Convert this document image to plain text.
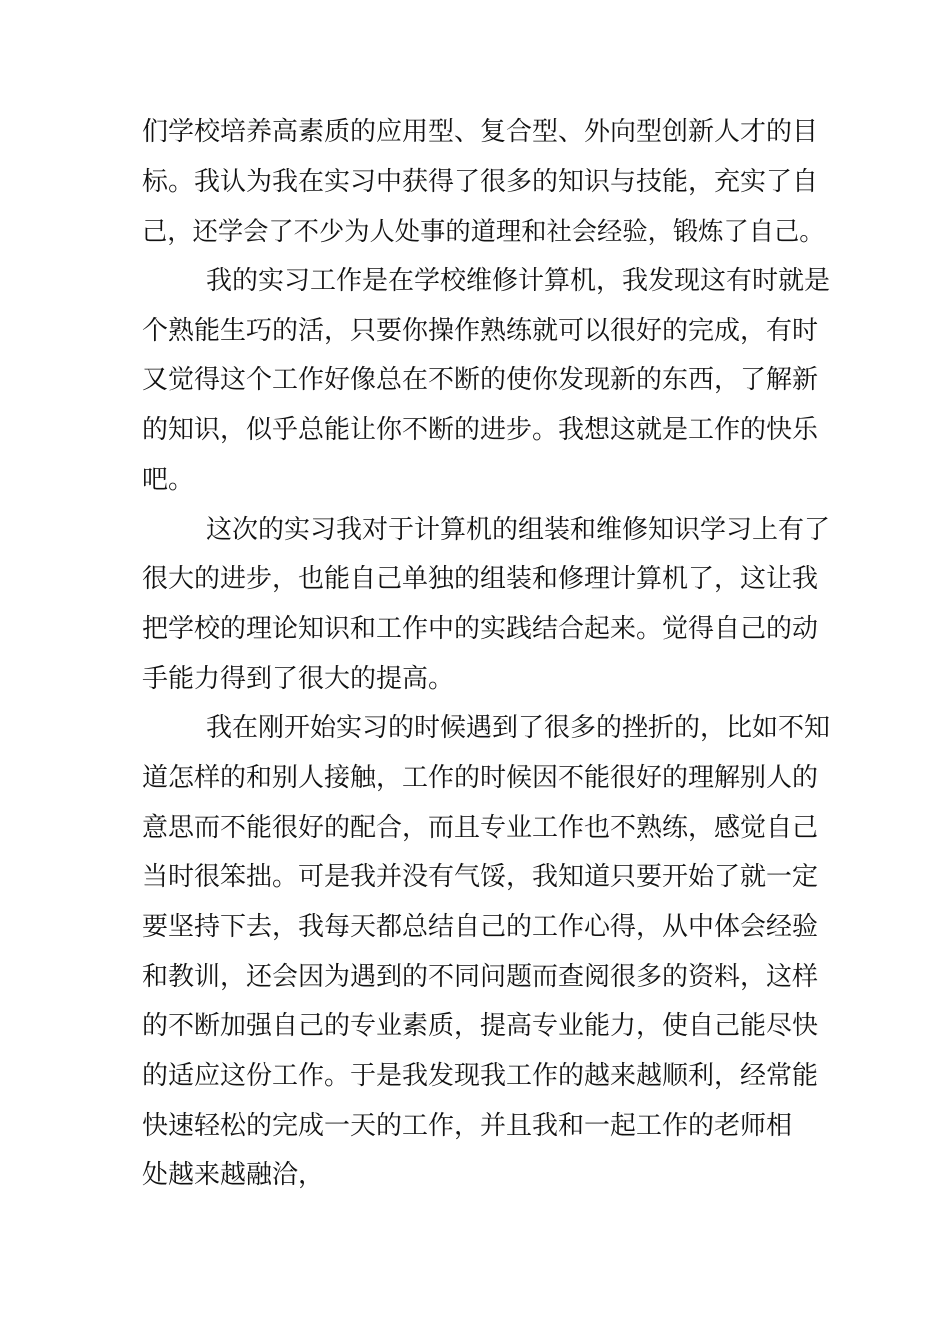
们学校培养高素质的应用型、复合型、外向型创新人才的目
标。我认为我在实习中获得了很多的知识与技能，充实了自
己，还学会了不少为人处事的道理和社会经验，锻炼了自己。
我的实习工作是在学校维修计算机，我发现这有时就是
个熟能生巧的活，只要你操作熟练就可以很好的完成，有时
又觉得这个工作好像总在不断的使你发现新的东西，了解新
的知识，似乎总能让你不断的进步。我想这就是工作的快乐
吧。
这次的实习我对于计算机的组装和维修知识学习上有了
很大的进步，也能自己单独的组装和修理计算机了，这让我
把学校的理论知识和工作中的实践结合起来。觉得自己的动
手能力得到了很大的提高。
我在刚开始实习的时候遇到了很多的挫折的，比如不知
道怎样的和别人接触，工作的时候因不能很好的理解别人的
意思而不能很好的配合，而且专业工作也不熟练，感觉自己
当时很笨拙。可是我并没有气馁，我知道只要开始了就一定
要坚持下去，我每天都总结自己的工作心得，从中体会经验
和教训，还会因为遇到的不同问题而查阅很多的资料，这样
的不断加强自己的专业素质，提高专业能力，使自己能尽快
的适应这份工作。于是我发现我工作的越来越顺利，经常能
快速轻松的完成一天的工作，并且我和一起工作的老师相
处越来越融洽，
